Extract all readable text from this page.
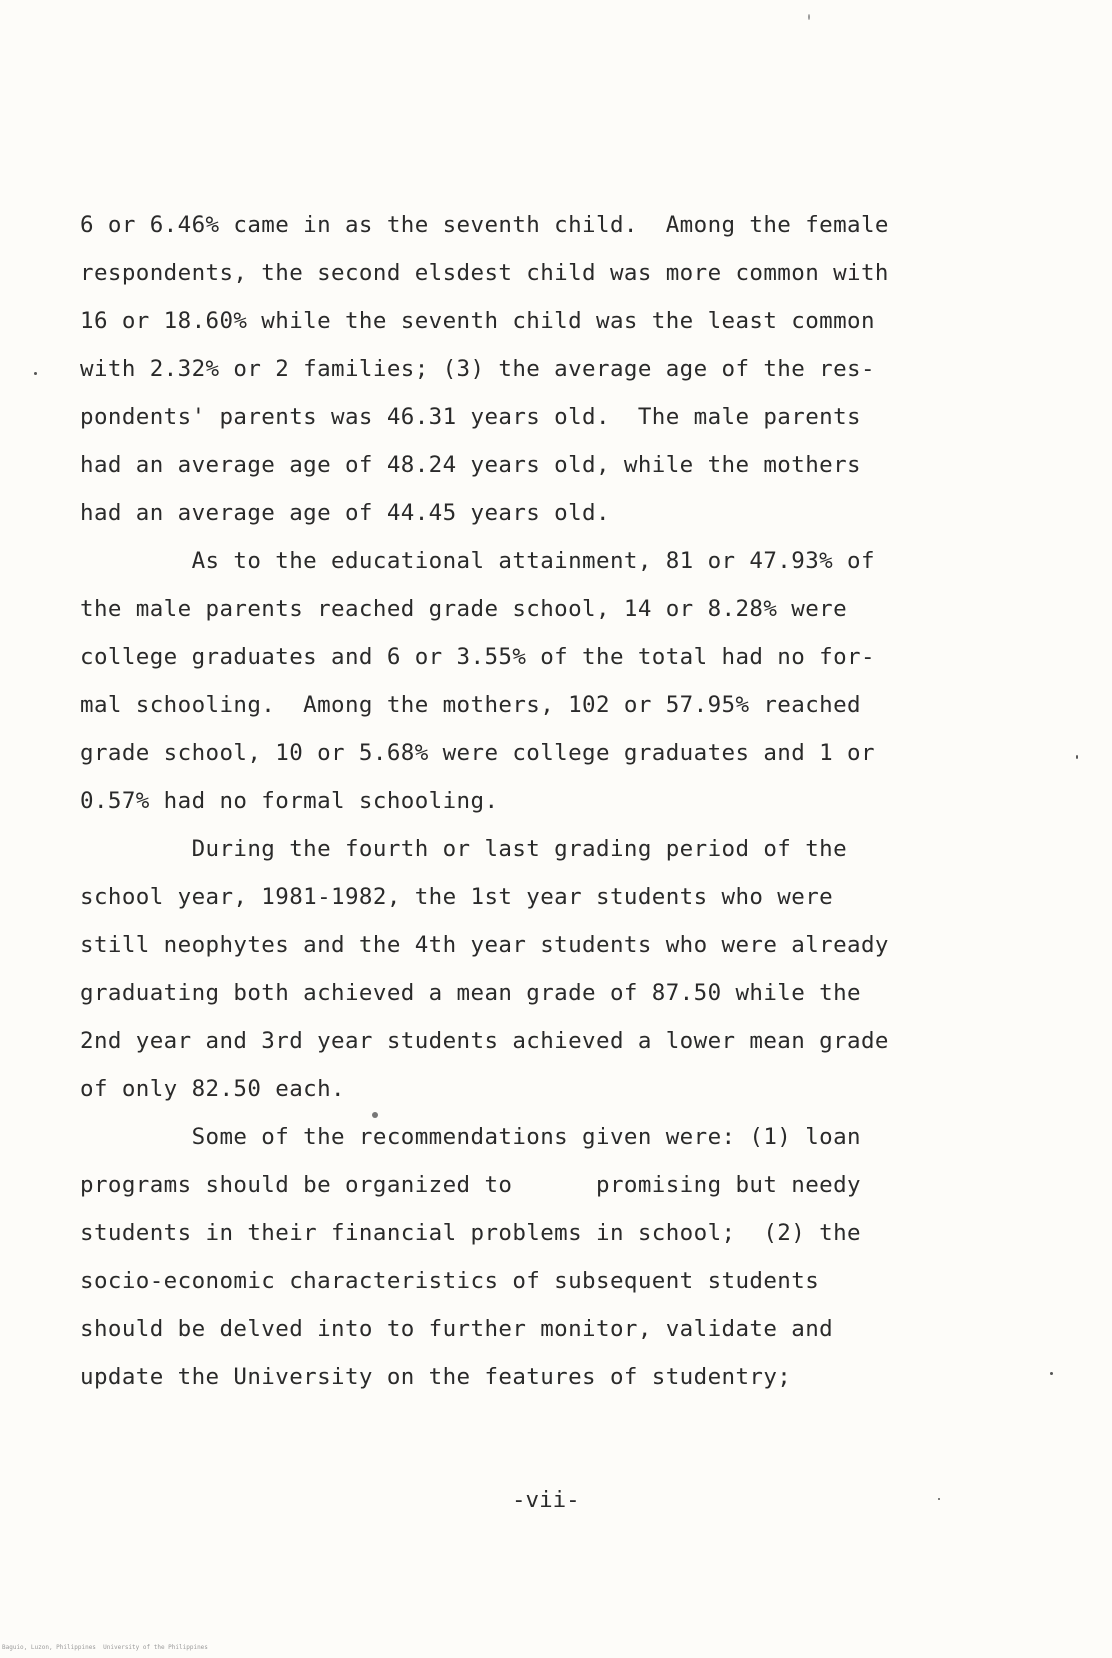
6 or 6.46% came in as the seventh child.  Among the female
respondents, the second elsdest child was more common with
16 or 18.60% while the seventh child was the least common
with 2.32% or 2 families; (3) the average age of the res-
pondents' parents was 46.31 years old.  The male parents
had an average age of 48.24 years old, while the mothers
had an average age of 44.45 years old.
As to the educational attainment, 81 or 47.93% of
the male parents reached grade school, 14 or 8.28% were
college graduates and 6 or 3.55% of the total had no for-
mal schooling.  Among the mothers, 102 or 57.95% reached
grade school, 10 or 5.68% were college graduates and 1 or
0.57% had no formal schooling.
During the fourth or last grading period of the
school year, 1981-1982, the 1st year students who were
still neophytes and the 4th year students who were already
graduating both achieved a mean grade of 87.50 while the
2nd year and 3rd year students achieved a lower mean grade
of only 82.50 each.
Some of the recommendations given were: (1) loan
programs should be organized to      promising but needy
students in their financial problems in school;  (2) the
socio-economic characteristics of subsequent students
should be delved into to further monitor, validate and
update the University on the features of studentry;
-vii-
Baguio, Luzon, Philippines  University of the Philippines
